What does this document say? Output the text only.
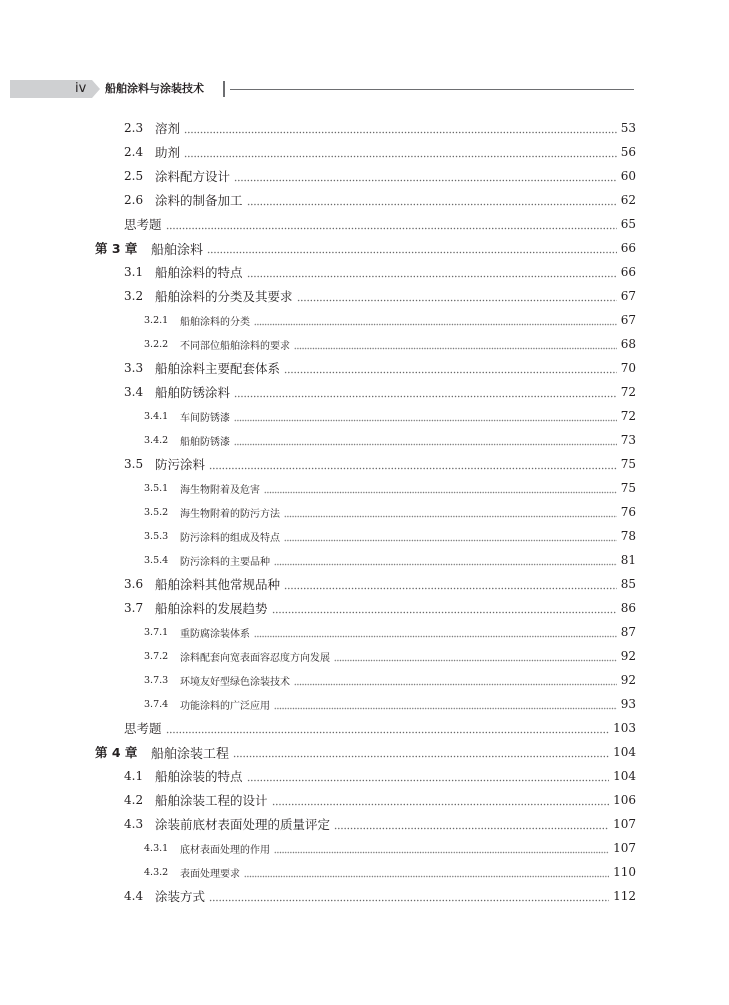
iv 船舶涂料与涂装技术
2.3 溶剂	53
2.4 助剂	56
2.5 涂料配方设计	60
2.6 涂料的制备加工	62
思考题	65
第 3 章	船舶涂料	66
3.1 船舶涂料的特点	66
3.2 船舶涂料的分类及其要求	67
3.2.1	船舶涂料的分类	67
3.2.2	不同部位船舶涂料的要求	68
3.3 船舶涂料主要配套体系	70
3.4 船舶防锈涂料	72
3.4.1	车间防锈漆	72
3.4.2	船舶防锈漆	73
3.5 防污涂料	75
3.5.1	海生物附着及危害	75
3.5.2	海生物附着的防污方法	76
3.5.3	防污涂料的组成及特点	78
3.5.4	防污涂料的主要品种	81
3.6 船舶涂料其他常规品种	85
3.7 船舶涂料的发展趋势	86
3.7.1	重防腐涂装体系	87
3.7.2	涂料配套向宽表面容忍度方向发展	92
3.7.3	环境友好型绿色涂装技术	92
3.7.4	功能涂料的广泛应用	93
思考题	103
第 4 章	船舶涂装工程	104
4.1 船舶涂装的特点	104
4.2 船舶涂装工程的设计	106
4.3 涂装前底材表面处理的质量评定	107
4.3.1	底材表面处理的作用	107
4.3.2	表面处理要求	110
4.4 涂装方式	112
